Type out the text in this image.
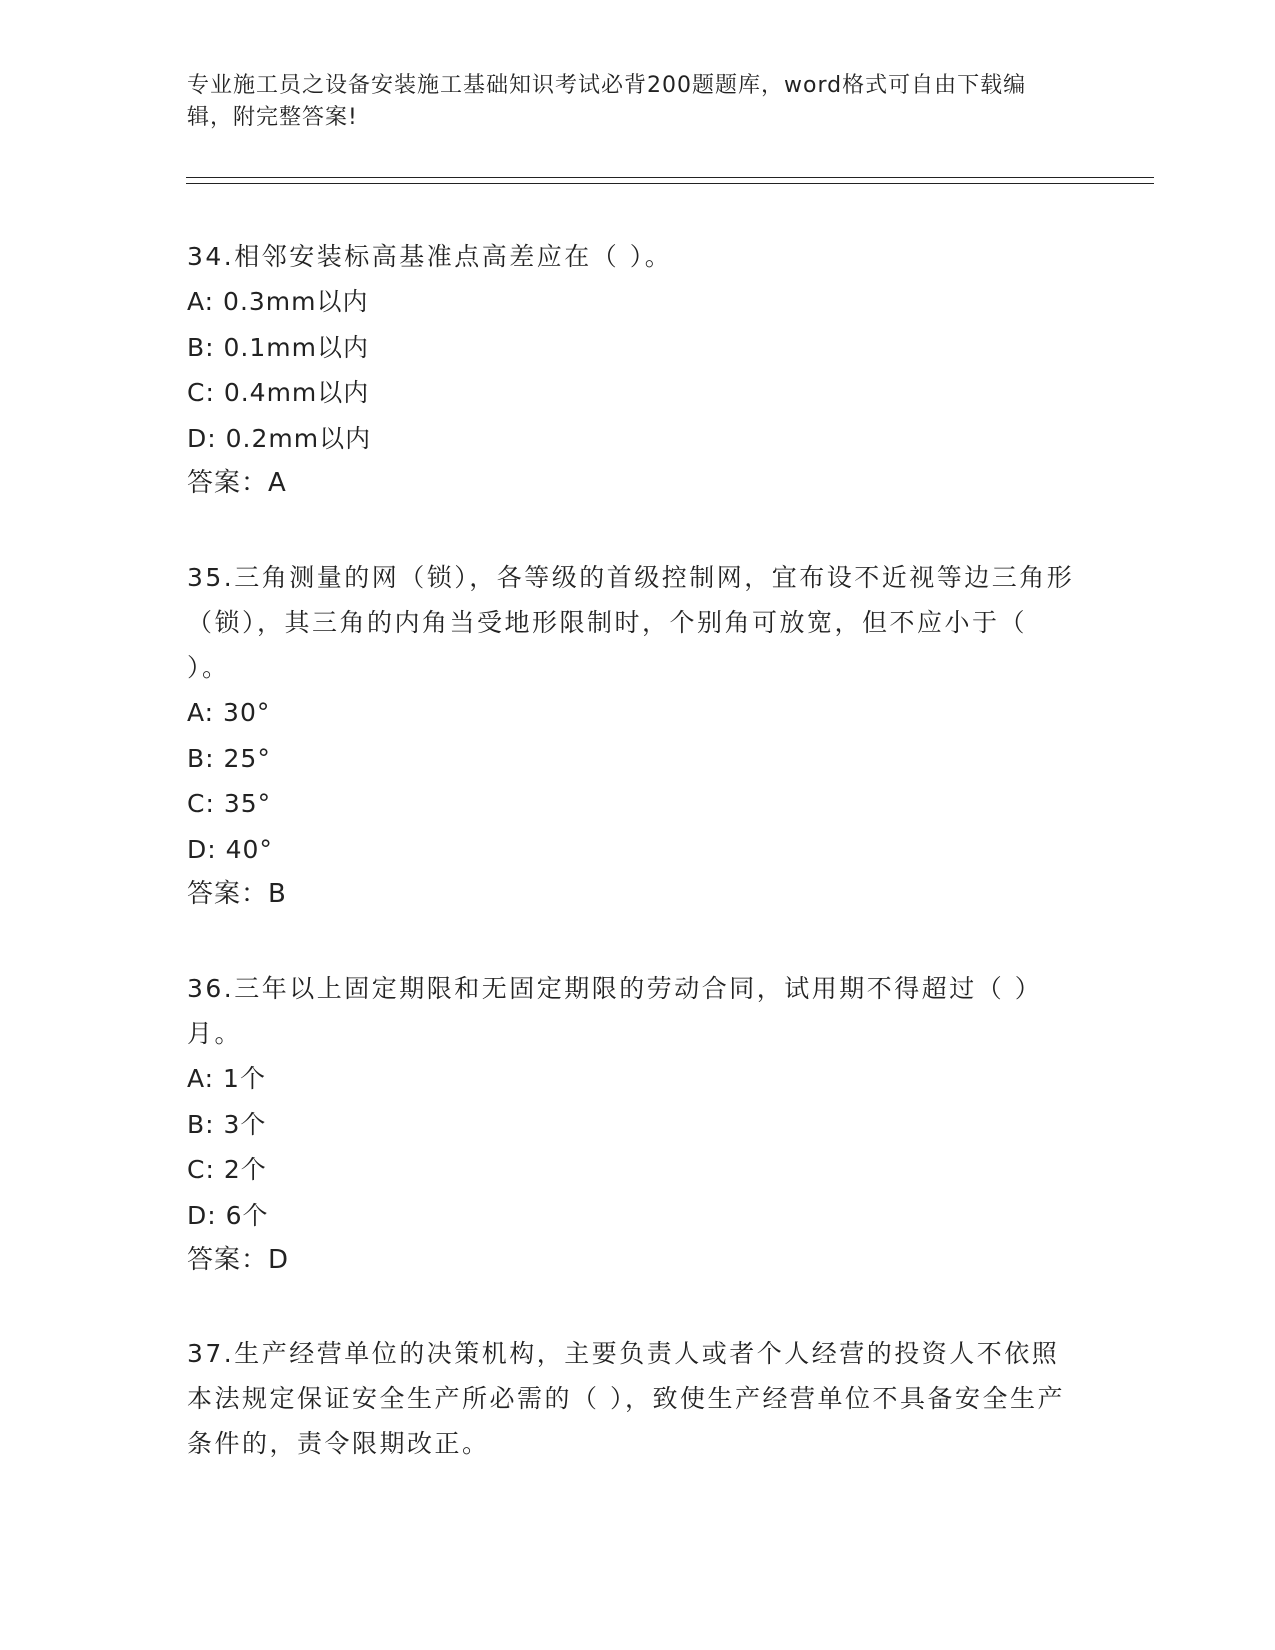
专业施工员之设备安装施工基础知识考试必背200题题库，word格式可自由下载编辑，附完整答案!
34.相邻安装标高基准点高差应在（ ）。
A: 0.3mm以内
B: 0.1mm以内
C: 0.4mm以内
D: 0.2mm以内
答案：A
35.三角测量的网（锁），各等级的首级控制网，宜布设不近视等边三角形（锁），其三角的内角当受地形限制时，个别角可放宽，但不应小于（ ）。
A: 30°
B: 25°
C: 35°
D: 40°
答案：B
36.三年以上固定期限和无固定期限的劳动合同，试用期不得超过（ ）月。
A: 1个
B: 3个
C: 2个
D: 6个
答案：D
37.生产经营单位的决策机构，主要负责人或者个人经营的投资人不依照本法规定保证安全生产所必需的（ ），致使生产经营单位不具备安全生产条件的，责令限期改正。
